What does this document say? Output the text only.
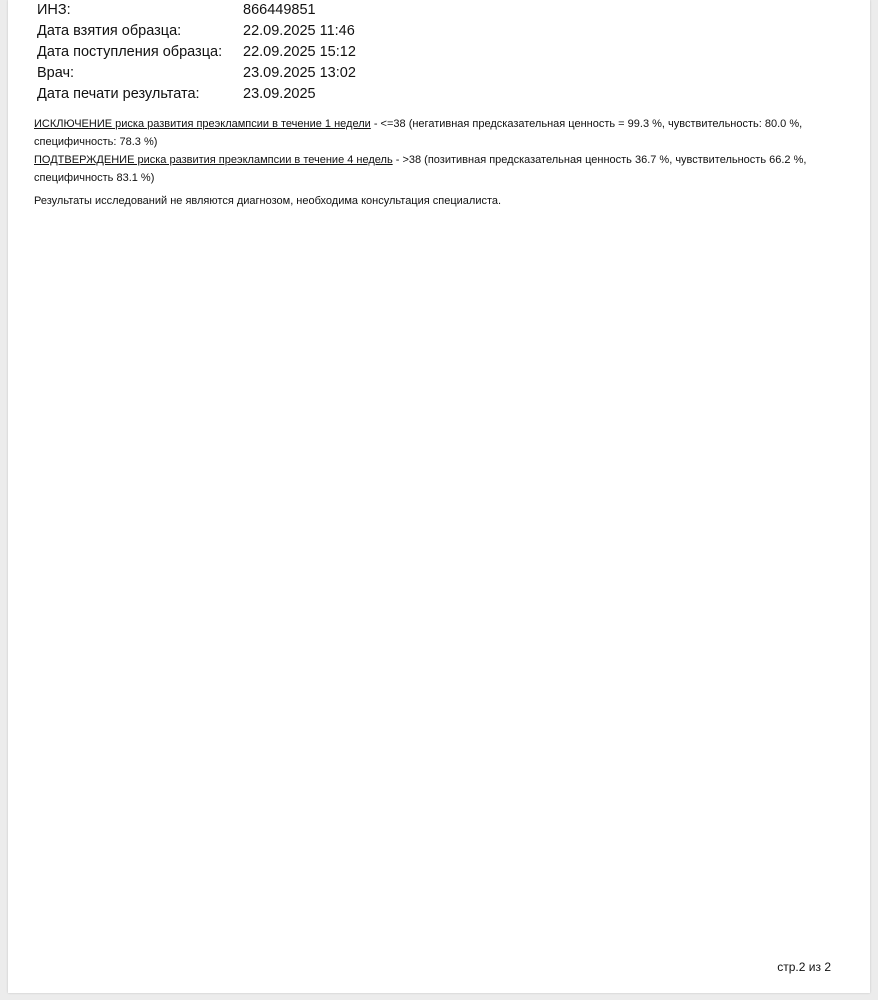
ИНЗ:	866449851
Дата взятия образца:	22.09.2025 11:46
Дата поступления образца:	22.09.2025 15:12
Врач:	23.09.2025 13:02
Дата печати результата:	23.09.2025

ИСКЛЮЧЕНИЕ риска развития преэклампсии в течение 1 недели - <=38 (негативная предсказательная ценность = 99.3 %, чувствительность: 80.0 %, специфичность: 78.3 %)

ПОДТВЕРЖДЕНИЕ риска развития преэклампсии в течение 4 недель - >38 (позитивная предсказательная ценность 36.7 %, чувствительность 66.2 %, специфичность 83.1 %)

Результаты исследований не являются диагнозом, необходима консультация специалиста.
стр.2 из 2
